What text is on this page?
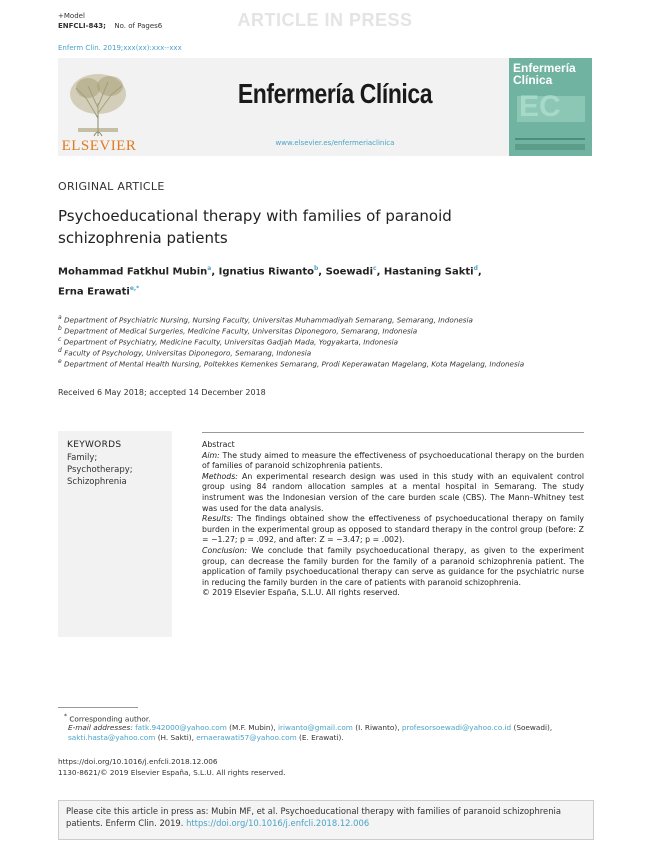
+Model
ENFCLI-843; No. of Pages6	ARTICLE IN PRESS
Enferm Clin. 2019;xxx(xx):xxx--xxx
ELSEVIER
Enfermería Clínica
www.elsevier.es/enfermeriaclinica
Enfermería Clínica
EC
ORIGINAL ARTICLE
Psychoeducational therapy with families of paranoid schizophrenia patients
Mohammad Fatkhul Mubin$^a$, Ignatius Riwanto$^b$, Soewadi$^c$, Hastaning Sakti$^d$,
Erna Erawati$^{e,*}$
$^a$ Department of Psychiatric Nursing, Nursing Faculty, Universitas Muhammadiyah Semarang, Semarang, Indonesia
$^b$ Department of Medical Surgeries, Medicine Faculty, Universitas Diponegoro, Semarang, Indonesia
$^c$ Department of Psychiatry, Medicine Faculty, Universitas Gadjah Mada, Yogyakarta, Indonesia
$^d$ Faculty of Psychology, Universitas Diponegoro, Semarang, Indonesia
$^e$ Department of Mental Health Nursing, Poltekkes Kemenkes Semarang, Prodi Keperawatan Magelang, Kota Magelang, Indonesia
Received 6 May 2018; accepted 14 December 2018
KEYWORDS
Family;
Psychotherapy;
Schizophrenia

Abstract

Aim: The study aimed to measure the effectiveness of psychoeducational therapy on the burden of families of paranoid schizophrenia patients.

Methods: An experimental research design was used in this study with an equivalent control group using 84 random allocation samples at a mental hospital in Semarang. The study instrument was the Indonesian version of the care burden scale (CBS). The Mann–Whitney test was used for the data analysis.

Results: The findings obtained show the effectiveness of psychoeducational therapy on family burden in the experimental group as opposed to standard therapy in the control group (before: Z = −1.27; p = .092, and after: Z = −3.47; p = .002).

Conclusion: We conclude that family psychoeducational therapy, as given to the experiment group, can decrease the family burden for the family of a paranoid schizophrenia patient. The application of family psychoeducational therapy can serve as guidance for the psychiatric nurse in reducing the family burden in the care of patients with paranoid schizophrenia.

© 2019 Elsevier España, S.L.U. All rights reserved.

* Corresponding author.
E-mail addresses: fatk.942000@yahoo.com (M.F. Mubin), iriwanto@gmail.com (I. Riwanto), profesorsoewadi@yahoo.co.id (Soewadi), sakti.hasta@yahoo.com (H. Sakti), ernaerawati57@yahoo.com (E. Erawati).
https://doi.org/10.1016/j.enfcli.2018.12.006
1130-8621/© 2019 Elsevier España, S.L.U. All rights reserved.
Please cite this article in press as: Mubin MF, et al. Psychoeducational therapy with families of paranoid schizophrenia patients. Enferm Clin. 2019. https://doi.org/10.1016/j.enfcli.2018.12.006
